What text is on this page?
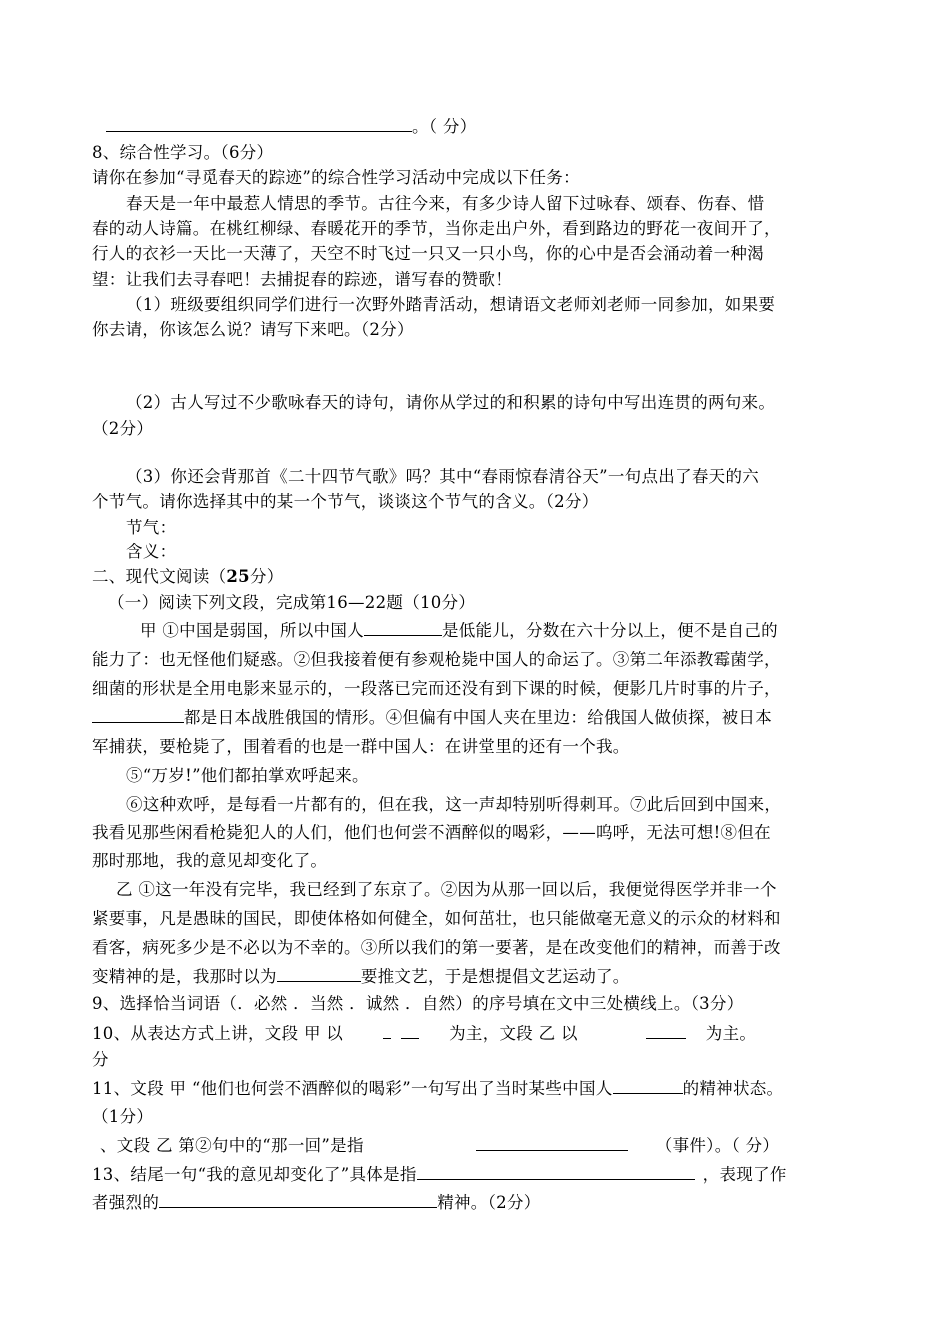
。（ 分）
8、综合性学习。（6分）
请你在参加“寻觅春天的踪迹”的综合性学习活动中完成以下任务：
春天是一年中最惹人情思的季节。古往今来，有多少诗人留下过咏春、颂春、伤春、惜
春的动人诗篇。在桃红柳绿、春暖花开的季节，当你走出户外，看到路边的野花一夜间开了，
行人的衣衫一天比一天薄了，天空不时飞过一只又一只小鸟，你的心中是否会涌动着一种渴
望：让我们去寻春吧！去捕捉春的踪迹，谱写春的赞歌！
（1）班级要组织同学们进行一次野外踏青活动，想请语文老师刘老师一同参加，如果要
你去请，你该怎么说？请写下来吧。（2分）
（2）古人写过不少歌咏春天的诗句，请你从学过的和积累的诗句中写出连贯的两句来。
（2分）
（3）你还会背那首《二十四节气歌》吗？其中“春雨惊春清谷天”一句点出了春天的六
个节气。请你选择其中的某一个节气，谈谈这个节气的含义。（2分）
节气：
含义：
二、现代文阅读（25分）
（一）阅读下列文段，完成第16—22题（10分）
甲 ①中国是弱国，所以中国人	是低能儿，分数在六十分以上，便不是自己的
能力了：也无怪他们疑惑。②但我接着便有参观枪毙中国人的命运了。③第二年添教霉菌学，
细菌的形状是全用电影来显示的，一段落已完而还没有到下课的时候，便影几片时事的片子，
都是日本战胜俄国的情形。④但偏有中国人夹在里边：给俄国人做侦探，被日本
军捕获，要枪毙了，围着看的也是一群中国人：在讲堂里的还有一个我。
⑤“万岁!”他们都拍掌欢呼起来。
⑥这种欢呼，是每看一片都有的，但在我，这一声却特别听得刺耳。⑦此后回到中国来，
我看见那些闲看枪毙犯人的人们，他们也何尝不酒醉似的喝彩，——呜呼，无法可想!⑧但在
那时那地，我的意见却变化了。
乙 ①这一年没有完毕，我已经到了东京了。②因为从那一回以后，我便觉得医学并非一个
紧要事，凡是愚昧的国民，即使体格如何健全，如何茁壮，也只能做毫无意义的示众的材料和
看客，病死多少是不必以为不幸的。③所以我们的第一要著，是在改变他们的精神，而善于改
变精神的是，我那时以为	要推文艺，于是想提倡文艺运动了。
9、选择恰当词语（．必然 ．当然 ．诚然 ．自然）的序号填在文中三处横线上。（3分）
10、从表达方式上讲，文段 甲 以	为主，文段 乙 以	为主。
分
11、文段 甲 “他们也何尝不酒醉似的喝彩”一句写出了当时某些中国人	的精神状态。
（1分）
、文段 乙 第②句中的“那一回”是指	（事件）。（ 分）
13、结尾一句“我的意见却变化了”具体是指	，表现了作
者强烈的	精神。（2分）
